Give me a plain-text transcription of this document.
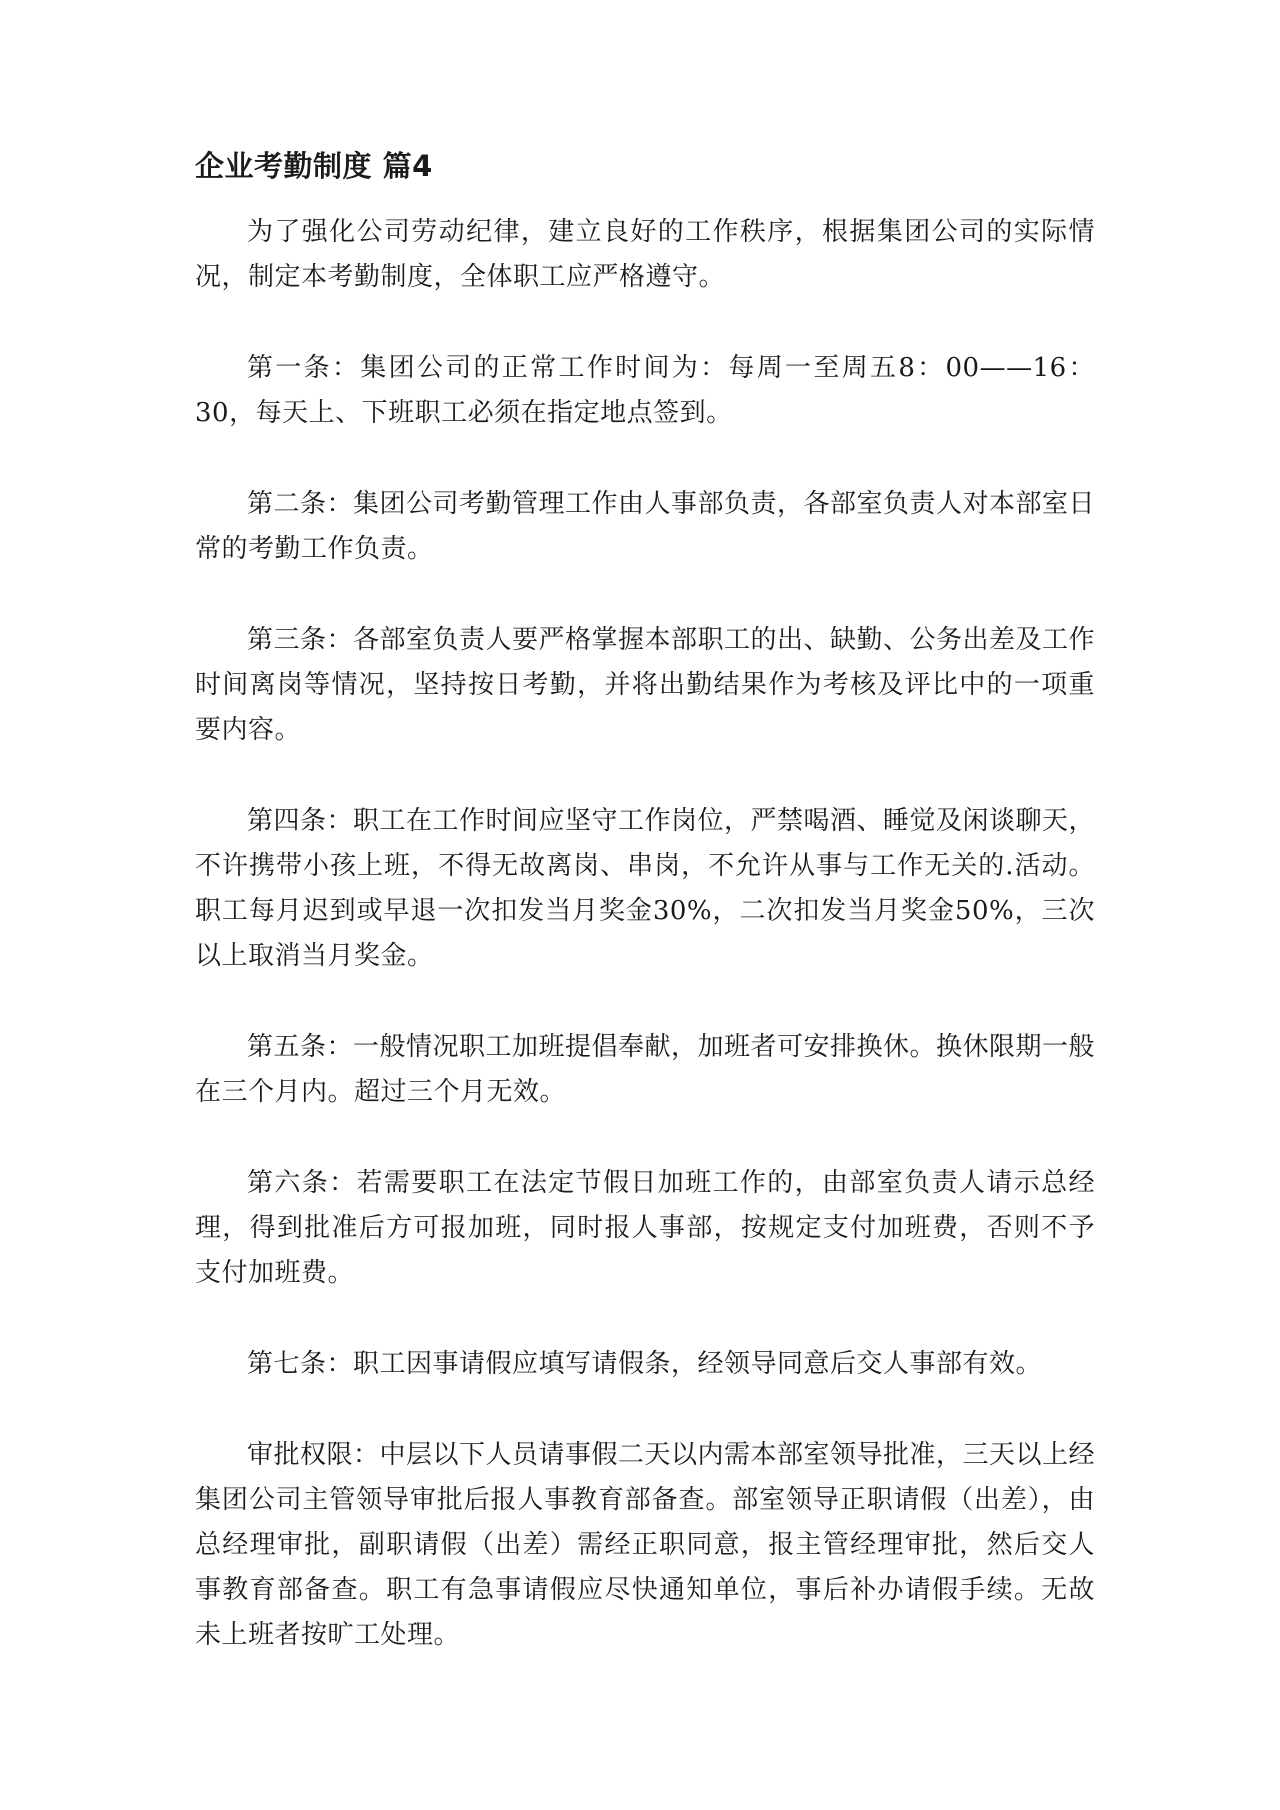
企业考勤制度 篇4

为了强化公司劳动纪律，建立良好的工作秩序，根据集团公司的实际情况，制定本考勤制度，全体职工应严格遵守。

第一条：集团公司的正常工作时间为：每周一至周五8：00——16：30，每天上、下班职工必须在指定地点签到。

第二条：集团公司考勤管理工作由人事部负责，各部室负责人对本部室日常的考勤工作负责。

第三条：各部室负责人要严格掌握本部职工的出、缺勤、公务出差及工作时间离岗等情况，坚持按日考勤，并将出勤结果作为考核及评比中的一项重要内容。

第四条：职工在工作时间应坚守工作岗位，严禁喝酒、睡觉及闲谈聊天，不许携带小孩上班，不得无故离岗、串岗，不允许从事与工作无关的.活动。职工每月迟到或早退一次扣发当月奖金30%，二次扣发当月奖金50%，三次以上取消当月奖金。

第五条：一般情况职工加班提倡奉献，加班者可安排换休。换休限期一般在三个月内。超过三个月无效。

第六条：若需要职工在法定节假日加班工作的，由部室负责人请示总经理，得到批准后方可报加班，同时报人事部，按规定支付加班费，否则不予支付加班费。

第七条：职工因事请假应填写请假条，经领导同意后交人事部有效。

审批权限：中层以下人员请事假二天以内需本部室领导批准，三天以上经集团公司主管领导审批后报人事教育部备查。部室领导正职请假（出差），由总经理审批，副职请假（出差）需经正职同意，报主管经理审批，然后交人事教育部备查。职工有急事请假应尽快通知单位，事后补办请假手续。无故未上班者按旷工处理。
